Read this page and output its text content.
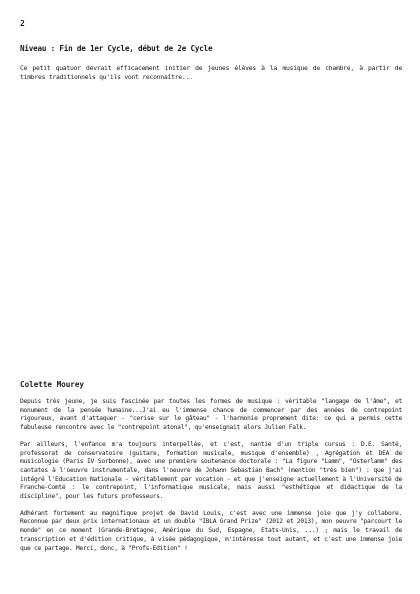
2
Niveau : Fin de 1er Cycle, début de 2e Cycle
Ce petit quatuor devrait efficacement initier de jeunes élèves à la musique de chambre, à partir de timbres traditionnels qu'ils vont reconnaître...
Colette Mourey

Depuis très jeune, je suis fascinée par toutes les formes de musique : véritable "langage de l'âme", et monument de la pensée humaine...J'ai eu l'immense chance de commencer par des années de contrepoint rigoureux, avant d'attaquer - "cerise sur le gâteau" - l'harmonie proprement dite: ce qui a permis cette fabuleuse rencontre avec le "contrepoint atonal", qu'enseignait alors Julien Falk.

Par ailleurs, l'enfance m'a toujours interpellée, et c'est, nantie d'un triple cursus : D.E. Santé, professorat de conservatoire (guitare, formation musicale, musique d'ensemble) , Agrégation et DEA de musicologie (Paris IV Sorbonne), avec une première soutenance doctorale : "La figure "Lamm", "Osterlamm" des cantates à l'oeuvre instrumentale, dans l'oeuvre de Johann Sebastian Bach" (mention "très bien") : que j'ai intégré l'Education Nationale - véritablement par vocation - et que j'enseigne actuellement à l'Université de Franche-Comté : le contrepoint, l'informatique musicale, mais aussi "esthétique et didactique de la discipline", pour les futurs professeurs.

Adhérant fortement au magnifique projet de David Louis, c'est avec une immense joie que j'y collabore. Reconnue par deux prix internationaux et un double "IBLA Grand Prize" (2012 et 2013), mon oeuvre "parcourt le monde" en ce moment (Grande-Bretagne, Amérique du Sud, Espagne, Etats-Unis, ...) ; mais le travail de transcription et d'édition critique, à visée pédagogique, m'intéresse tout autant, et c'est une immense joie que ce partage. Merci, donc, à "Profs-Edition" !
